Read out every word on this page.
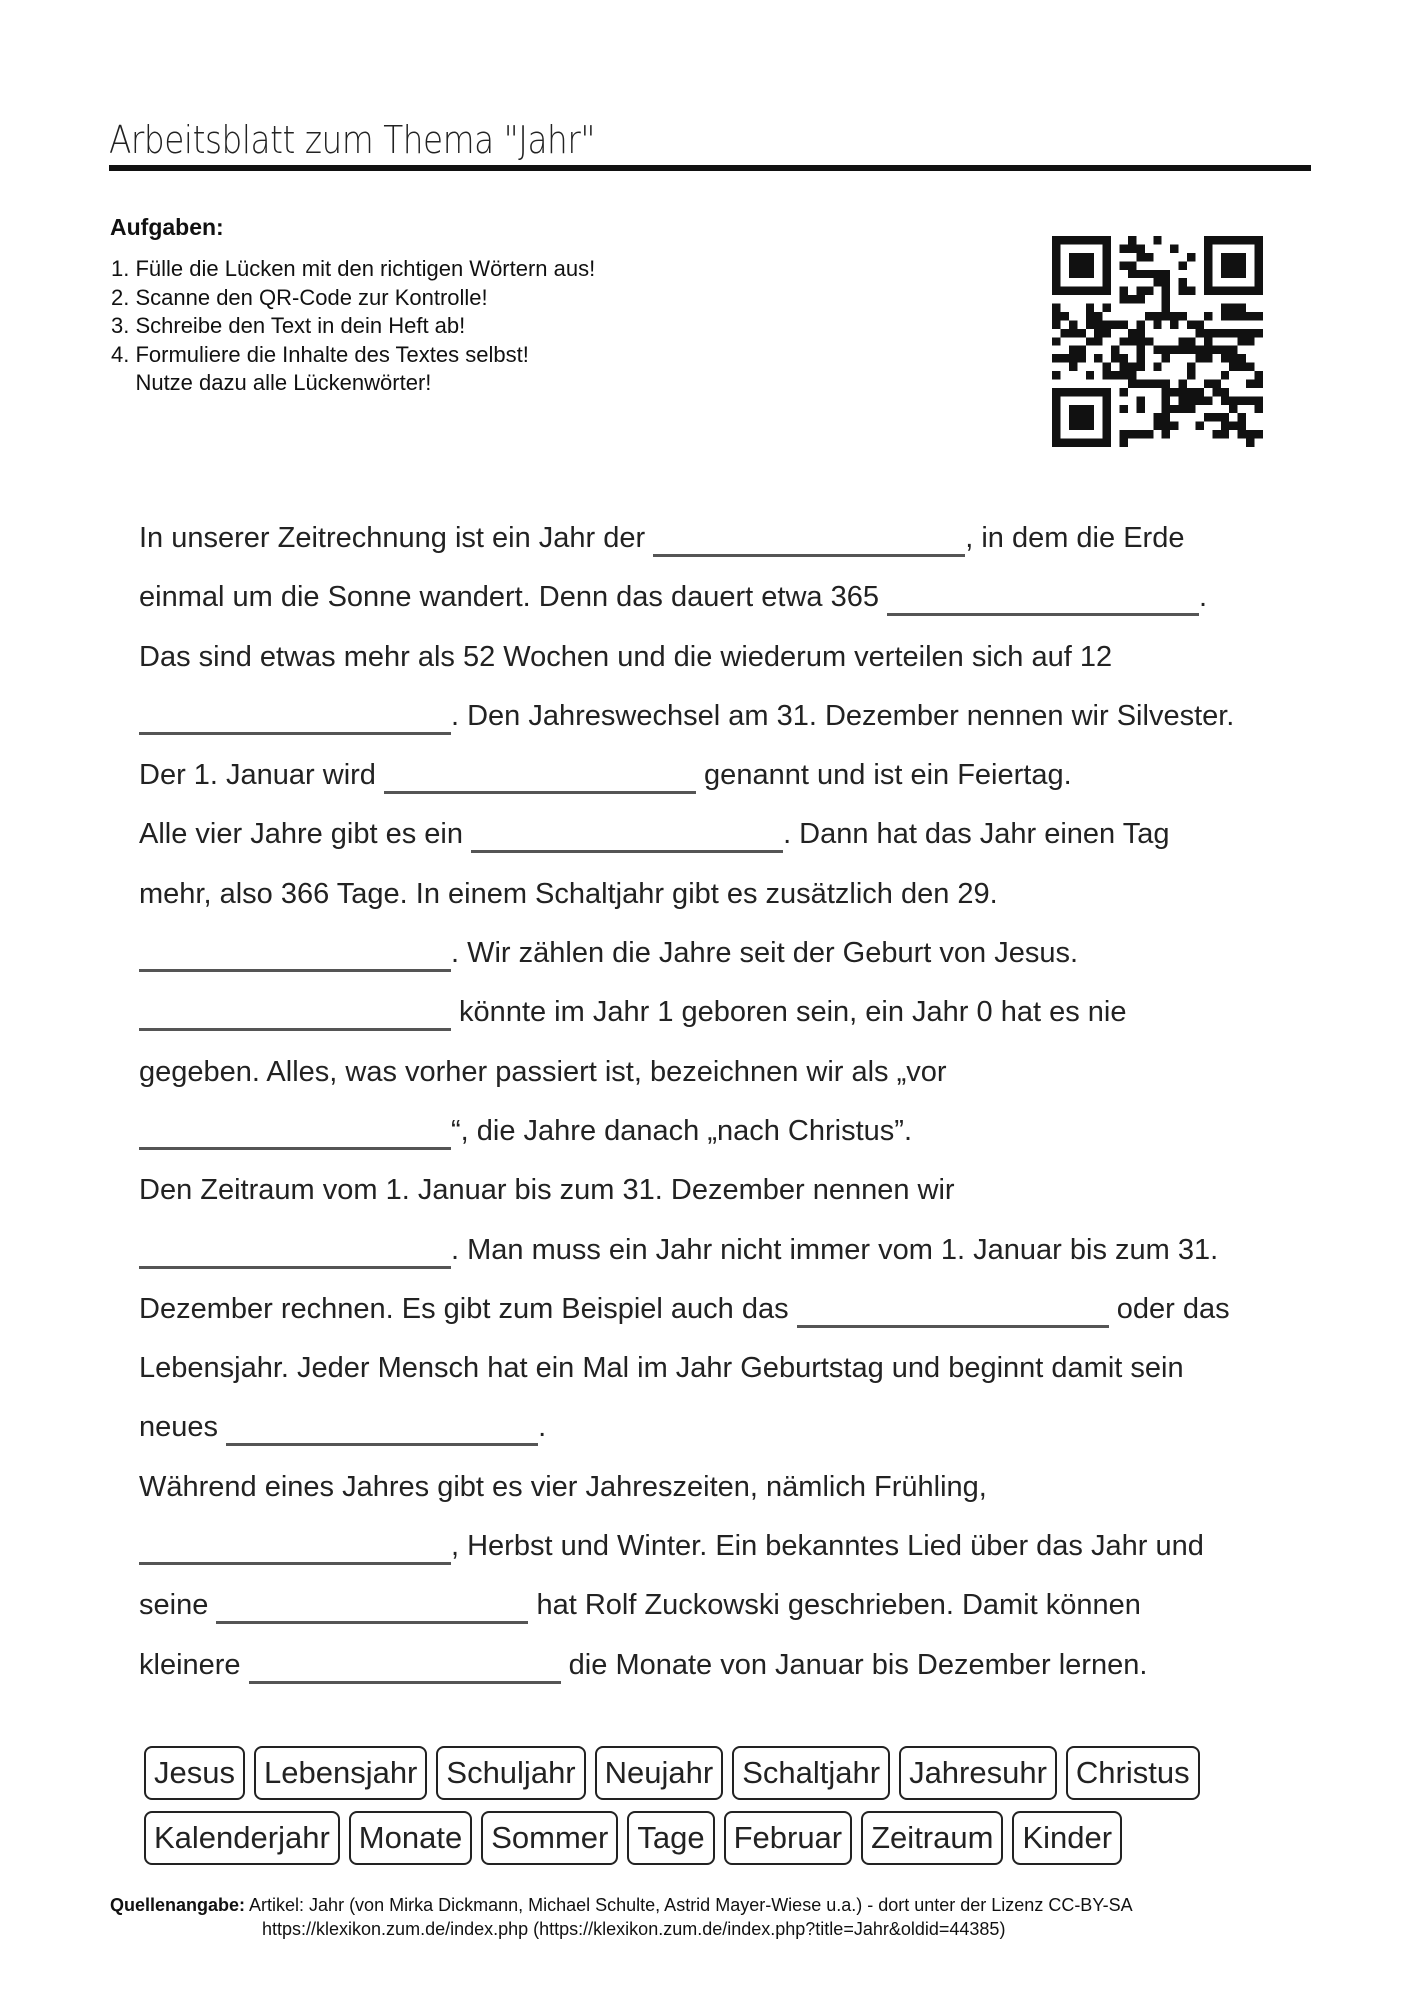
Arbeitsblatt zum Thema "Jahr"
Aufgaben:
1. Fülle die Lücken mit den richtigen Wörtern aus!
2. Scanne den QR-Code zur Kontrolle!
3. Schreibe den Text in dein Heft ab!
4. Formuliere die Inhalte des Textes selbst!
Nutze dazu alle Lückenwörter!
In unserer Zeitrechnung ist ein Jahr der	, in dem die Erde
einmal um die Sonne wandert. Denn das dauert etwa 365	.
Das sind etwas mehr als 52 Wochen und die wiederum verteilen sich auf 12
. Den Jahreswechsel am 31. Dezember nennen wir Silvester.
Der 1. Januar wird	genannt und ist ein Feiertag.
Alle vier Jahre gibt es ein	. Dann hat das Jahr einen Tag
mehr, also 366 Tage. In einem Schaltjahr gibt es zusätzlich den 29.
. Wir zählen die Jahre seit der Geburt von Jesus.
könnte im Jahr 1 geboren sein, ein Jahr 0 hat es nie
gegeben. Alles, was vorher passiert ist, bezeichnen wir als „vor
“, die Jahre danach „nach Christus”.
Den Zeitraum vom 1. Januar bis zum 31. Dezember nennen wir
. Man muss ein Jahr nicht immer vom 1. Januar bis zum 31.
Dezember rechnen. Es gibt zum Beispiel auch das	oder das
Lebensjahr. Jeder Mensch hat ein Mal im Jahr Geburtstag und beginnt damit sein
neues	.
Während eines Jahres gibt es vier Jahreszeiten, nämlich Frühling,
, Herbst und Winter. Ein bekanntes Lied über das Jahr und
seine	hat Rolf Zuckowski geschrieben. Damit können
kleinere	die Monate von Januar bis Dezember lernen.
Jesus Lebensjahr Schuljahr Neujahr Schaltjahr Jahresuhr Christus
Kalenderjahr Monate Sommer Tage Februar Zeitraum Kinder
Quellenangabe: Artikel: Jahr (von Mirka Dickmann, Michael Schulte, Astrid Mayer-Wiese u.a.) - dort unter der Lizenz CC-BY-SA
https://klexikon.zum.de/index.php (https://klexikon.zum.de/index.php?title=Jahr&oldid=44385)
